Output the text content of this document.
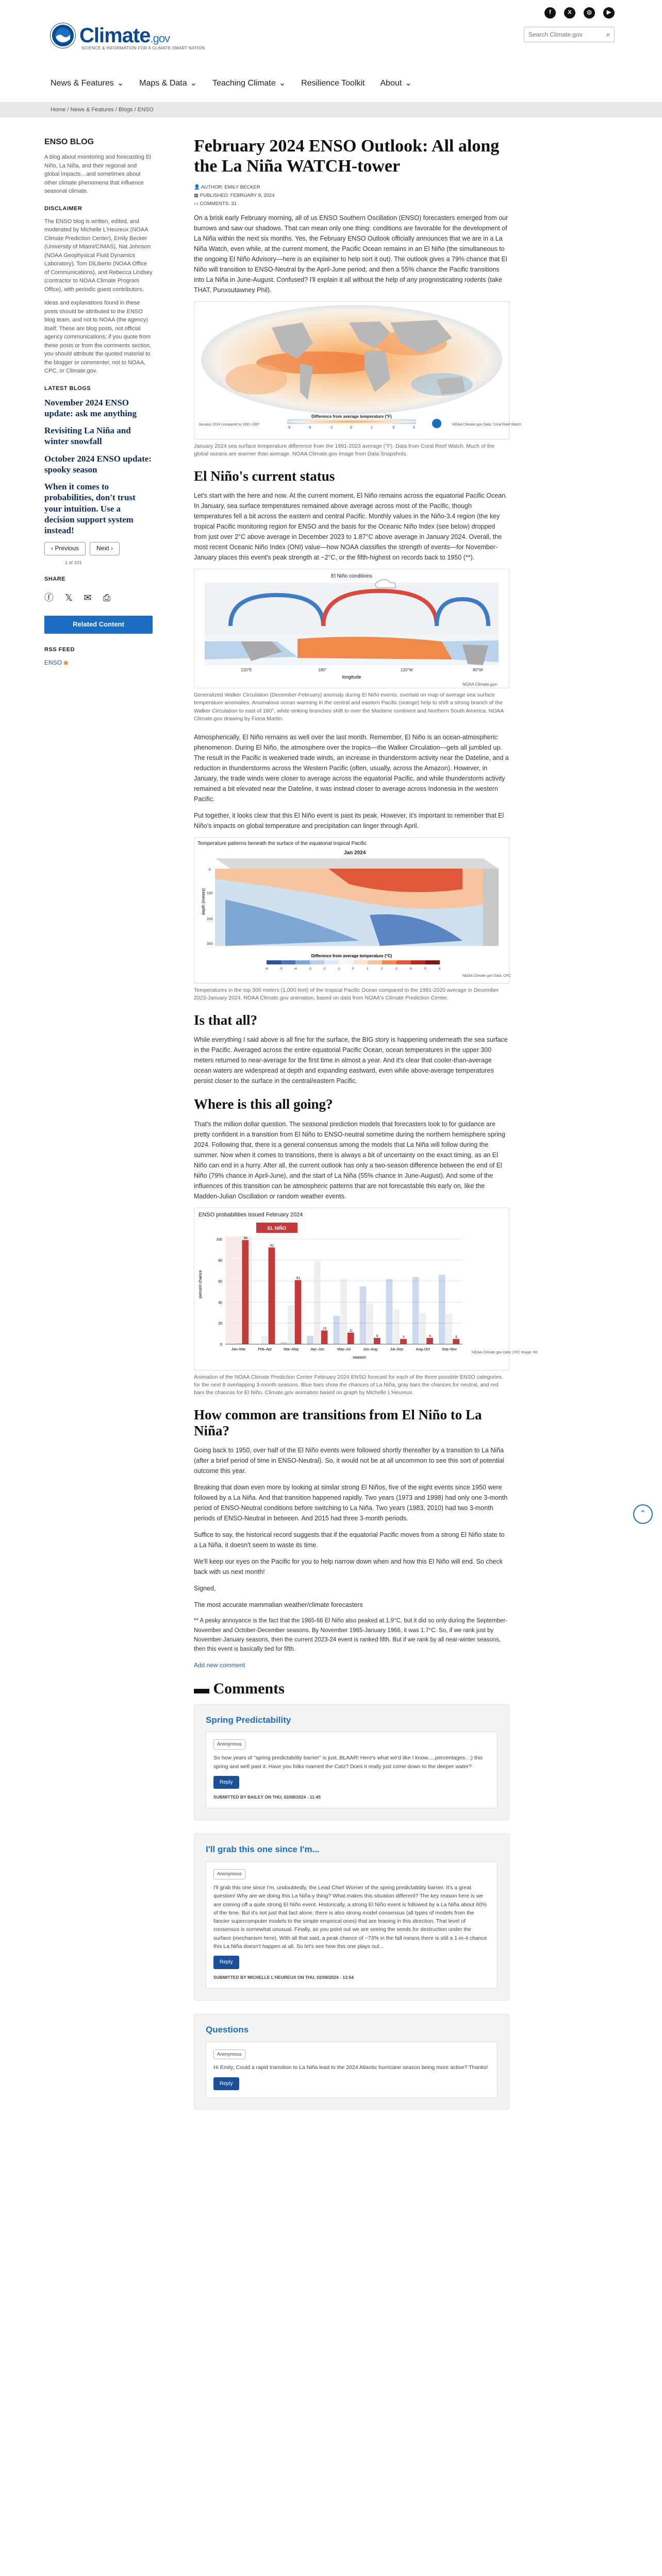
Climate.gov
SCIENCE & INFORMATION FOR A CLIMATE-SMART NATION
f	X	◎	▶
Search Climate.gov
⌕
News & Features ⌄ Maps & Data ⌄ Teaching Climate ⌄ Resilience Toolkit About ⌄
Home / News & Features / Blogs / ENSO
ENSO BLOG

A blog about monitoring and forecasting El Niño, La Niña, and their regional and global impacts…and sometimes about other climate phenomena that influence seasonal climate.

DISCLAIMER

The ENSO blog is written, edited, and moderated by Michelle L'Heureux (NOAA Climate Prediction Center), Emily Becker (University of Miami/CIMAS), Nat Johnson (NOAA Geophysical Fluid Dynamics Laboratory), Tom DiLiberto (NOAA Office of Communications), and Rebecca Lindsey (contractor to NOAA Climate Program Office), with periodic guest contributors.

Ideas and explanations found in these posts should be attributed to the ENSO blog team, and not to NOAA (the agency) itself. These are blog posts, not official agency communications; if you quote from these posts or from the comments section, you should attribute the quoted material to the blogger or commenter, not to NOAA, CPC, or Climate.gov.

LATEST BLOGS
November 2024 ENSO update: ask me anything
Revisiting La Niña and winter snowfall
October 2024 ENSO update: spooky season
When it comes to probabilities, don't trust your intuition. Use a decision support system instead!
‹ Previous	Next ›
1 of 101
SHARE
ⓕ 𝕏 ✉ ⎙
Related Content
RSS FEED
ENSO ◙
February 2024 ENSO Outlook: All along the La Niña WATCH-tower
👤 AUTHOR: EMILY BECKER
▦ PUBLISHED: FEBRUARY 8, 2024
▭ COMMENTS: 31

On a brisk early February morning, all of us ENSO Southern Oscillation (ENSO) forecasters emerged from our burrows and saw our shadows. That can mean only one thing: conditions are favorable for the development of La Niña within the next six months. Yes, the February ENSO Outlook officially announces that we are in a La Niña Watch, even while, at the current moment, the Pacific Ocean remains in an El Niño (the simultaneous to the ongoing El Niño Advisory—here is an explainer to help sort it out). The outlook gives a 79% chance that El Niño will transition to ENSO-Neutral by the April-June period, and then a 55% chance the Pacific transitions into La Niña in June-August. Confused? I'll explain it all without the help of any prognosticating rodents (take THAT, Punxsutawney Phil).

-5	-3	-1	0	1	3	5
Difference from average temperature (°F)
January 2024 compared to 1991-1997	NOAA Climate.gov Data: Coral Reef Watch
January 2024 sea surface temperature difference from the 1991-2023 average (°F). Data from Coral Reef Watch. Much of the global oceans are warmer than average. NOAA Climate.gov image from Data Snapshots.
El Niño's current status

Let's start with the here and now. At the current moment, El Niño remains across the equatorial Pacific Ocean. In January, sea surface temperatures remained above average across most of the Pacific, though temperatures fell a bit across the eastern and central Pacific. Monthly values in the Niño-3.4 region (the key tropical Pacific monitoring region for ENSO and the basis for the Oceanic Niño Index (see below) dropped from just over 2°C above average in December 2023 to 1.87°C above average in January 2024. Overall, the most recent Oceanic Niño Index (ONI) value—how NOAA classifies the strength of events—for November-January places this event's peak strength at ~2°C, or the fifth-highest on records back to 1950 (**).

El Niño conditions
120°E	180°	120°W	80°W
longitude
NOAA Climate.gov
Generalized Walker Circulation (December-February) anomaly during El Niño events, overlaid on map of average sea surface temperature anomalies. Anomalous ocean warming in the central and eastern Pacific (orange) help to shift a strong branch of the Walker Circulation to east of 180°, while sinking branches shift to over the Maritime continent and Northern South America. NOAA Climate.gov drawing by Fiona Martin.

Atmospherically, El Niño remains as well over the last month. Remember, El Niño is an ocean-atmospheric phenomenon. During El Niño, the atmosphere over the tropics—the Walker Circulation—gets all jumbled up. The result in the Pacific is weakened trade winds, an increase in thunderstorm activity near the Dateline, and a reduction in thunderstorms across the Western Pacific (often, usually, across the Amazon). However, in January, the trade winds were closer to average across the equatorial Pacific, and while thunderstorm activity remained a bit elevated near the Dateline, it was instead closer to average across Indonesia in the western Pacific.

Put together, it looks clear that this El Niño event is past its peak. However, it's important to remember that El Niño's impacts on global temperature and precipitation can linger through April.

Temperature patterns beneath the surface of the equatorial tropical Pacific
Jan 2024
depth (meters)
0
100
200
300
Difference from average temperature (°C)
-6	-5	-4	-3	-2	-1	0	1	2	3	4	5	6
NOAA Climate.gov Data: CPC
Temperatures in the top 300 meters (1,000 feet) of the tropical Pacific Ocean compared to the 1991-2020 average in December 2023-January 2024. NOAA Climate.gov animation, based on data from NOAA's Climate Prediction Center.
Is that all?

While everything I said above is all fine for the surface, the BIG story is happening underneath the sea surface in the Pacific. Averaged across the entire equatorial Pacific Ocean, ocean temperatures in the upper 300 meters returned to near-average for the first time in almost a year. And it's clear that cooler-than-average ocean waters are widespread at depth and expanding eastward, even while above-average temperatures persist closer to the surface in the central/eastern Pacific.

Where is this all going?

That's the million dollar question. The seasonal prediction models that forecasters look to for guidance are pretty confident in a transition from El Niño to ENSO-neutral sometime during the northern hemisphere spring 2024. Following that, there is a general consensus among the models that La Niña will follow during the summer. Now when it comes to transitions, there is always a bit of uncertainty on the exact timing, as an El Niño can end in a hurry. After all, the current outlook has only a two-season difference between the end of El Niño (79% chance in April-June), and the start of La Niña (55% chance in June-August). And some of the influences of this transition can be atmospheric patterns that are not forecastable this early on, like the Madden-Julian Oscillation or random weather events.

ENSO probabilities issued February 2024
EL NIÑO
percent chance
season
NOAA Climate.gov Data: CPC Image: IRI
0
20
40
60
80
100	99
Jan–Mar
92
Feb–Apr
61
Mar–May
13
Apr–Jun
11
May–Jul
6
Jun–Aug
5
Jul–Sep
6
Aug–Oct
5
Sep–Nov
Animation of the NOAA Climate Prediction Center February 2024 ENSO forecast for each of the three possible ENSO categories for the next 8 overlapping 3-month seasons. Blue bars show the chances of La Niña, gray bars the chances for neutral, and red bars the chances for El Niño. Climate.gov animation based on graph by Michelle L'Heureux.
How common are transitions from El Niño to La Niña?

Going back to 1950, over half of the El Niño events were followed shortly thereafter by a transition to La Niña (after a brief period of time in ENSO-Neutral). So, it would not be at all uncommon to see this sort of potential outcome this year.

Breaking that down even more by looking at similar strong El Niños, five of the eight events since 1950 were followed by a La Niña. And that transition happened rapidly. Two years (1973 and 1998) had only one 3-month period of ENSO-Neutral conditions before switching to La Niña. Two years (1983, 2010) had two 3-month periods of ENSO-Neutral in between. And 2015 had three 3-month periods.

Suffice to say, the historical record suggests that if the equatorial Pacific moves from a strong El Niño state to a La Niña, it doesn't seem to waste its time.

We'll keep our eyes on the Pacific for you to help narrow down when and how this El Niño will end. So check back with us next month!

Signed,

The most accurate mammalian weather/climate forecasters

** A pesky annoyance is the fact that the 1965-66 El Niño also peaked at 1.9°C, but it did so only during the September-November and October-December seasons. By November 1965-January 1966, it was 1.7°C. So, if we rank just by November-January seasons, then the current 2023-24 event is ranked fifth. But if we rank by all near-winter seasons, then this event is basically tied for fifth.

Add new comment
▬ Comments
Spring Predictability
Anonymous
So how years of "spring predictability barrier" is just..BLAAR! Here's what we'd like I know.....percentages.. ;) this spring and well past it. Have you folks roamed the Catz? Does it really just come down to the deeper water?
Reply
SUBMITTED BY BAILEY ON THU, 02/08/2024 - 11:45
I'll grab this one since I'm...
Anonymous
I'll grab this one since I'm, undoubtedly, the Lead Chief Worrier of the spring predictability barrier. It's a great question! Why are we doing this La Niña-y thing? What makes this situation different? The key reason here is we are coming off a quite strong El Niño event. Historically, a strong El Niño event is followed by a La Niña about 60% of the time. But it's not just that fact alone; there is also strong model consensus (all types of models from the fancier supercomputer models to the simple empirical ones) that are leaning in this direction. That level of consensus is somewhat unusual. Finally, as you point out we are seeing the seeds for destruction under the surface (mechanism here). With all that said, a peak chance of ~73% in the fall means there is still a 1-in-4 chance this La Niña doesn't happen at all. So let's see how this one plays out...
Reply
SUBMITTED BY MICHELLE L'HEUREUX ON THU, 02/08/2024 - 13:54
Questions
Anonymous
Hi Emily, Could a rapid transition to La Niña lead to the 2024 Atlantic hurricane season being more active? Thanks!
Reply
⌃
